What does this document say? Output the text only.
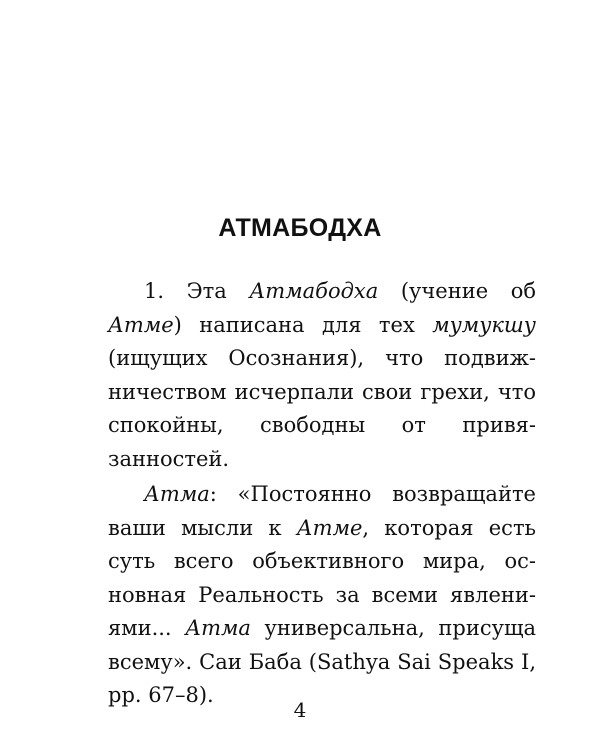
АТМАБОДХА

1. Эта Атмабодха (учение об Атме) написана для тех мумукшу (ищущих Осознания), что подвижничеством исчерпали свои грехи, что спокойны, свободны от привязанностей.

Атма: «Постоянно возвращайте ваши мысли к Атме, которая есть суть всего объективного мира, основная Реальность за всеми явлениями... Атма универсальна, присуща всему». Саи Баба (Sathya Sai Speaks I, pp. 67–8).

4
